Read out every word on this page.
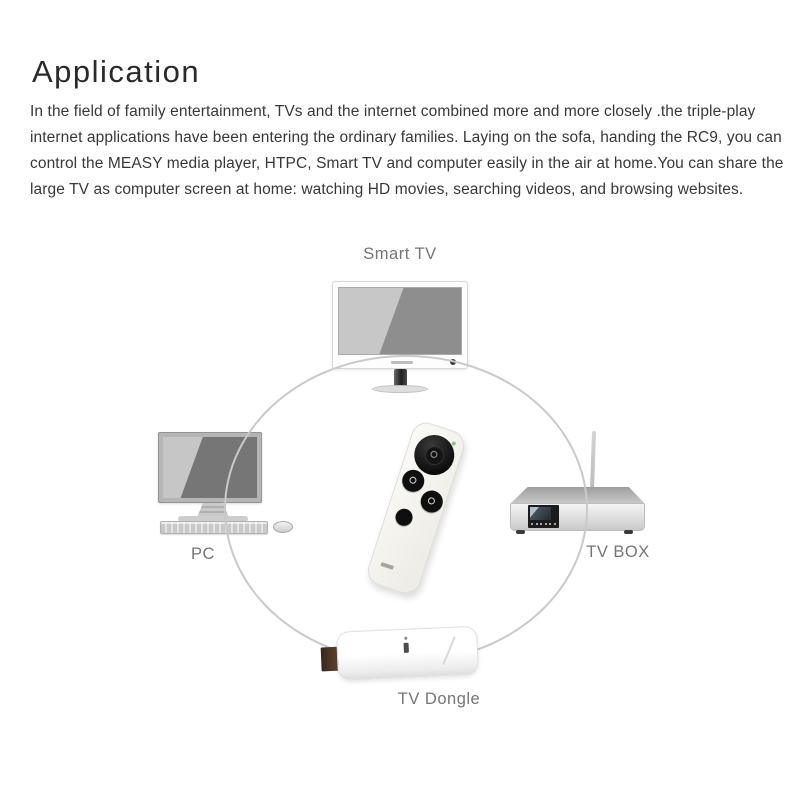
Application
In the field of family entertainment, TVs and the internet combined more and more closely .the triple-play
internet applications have been entering the ordinary families. Laying on the sofa, handing the RC9, you can
control the MEASY media player, HTPC, Smart TV and computer easily in the air at home.You can share the
large TV as computer screen at home: watching HD movies, searching videos, and browsing websites.
Smart TV
PC	TV BOX
TV Dongle
